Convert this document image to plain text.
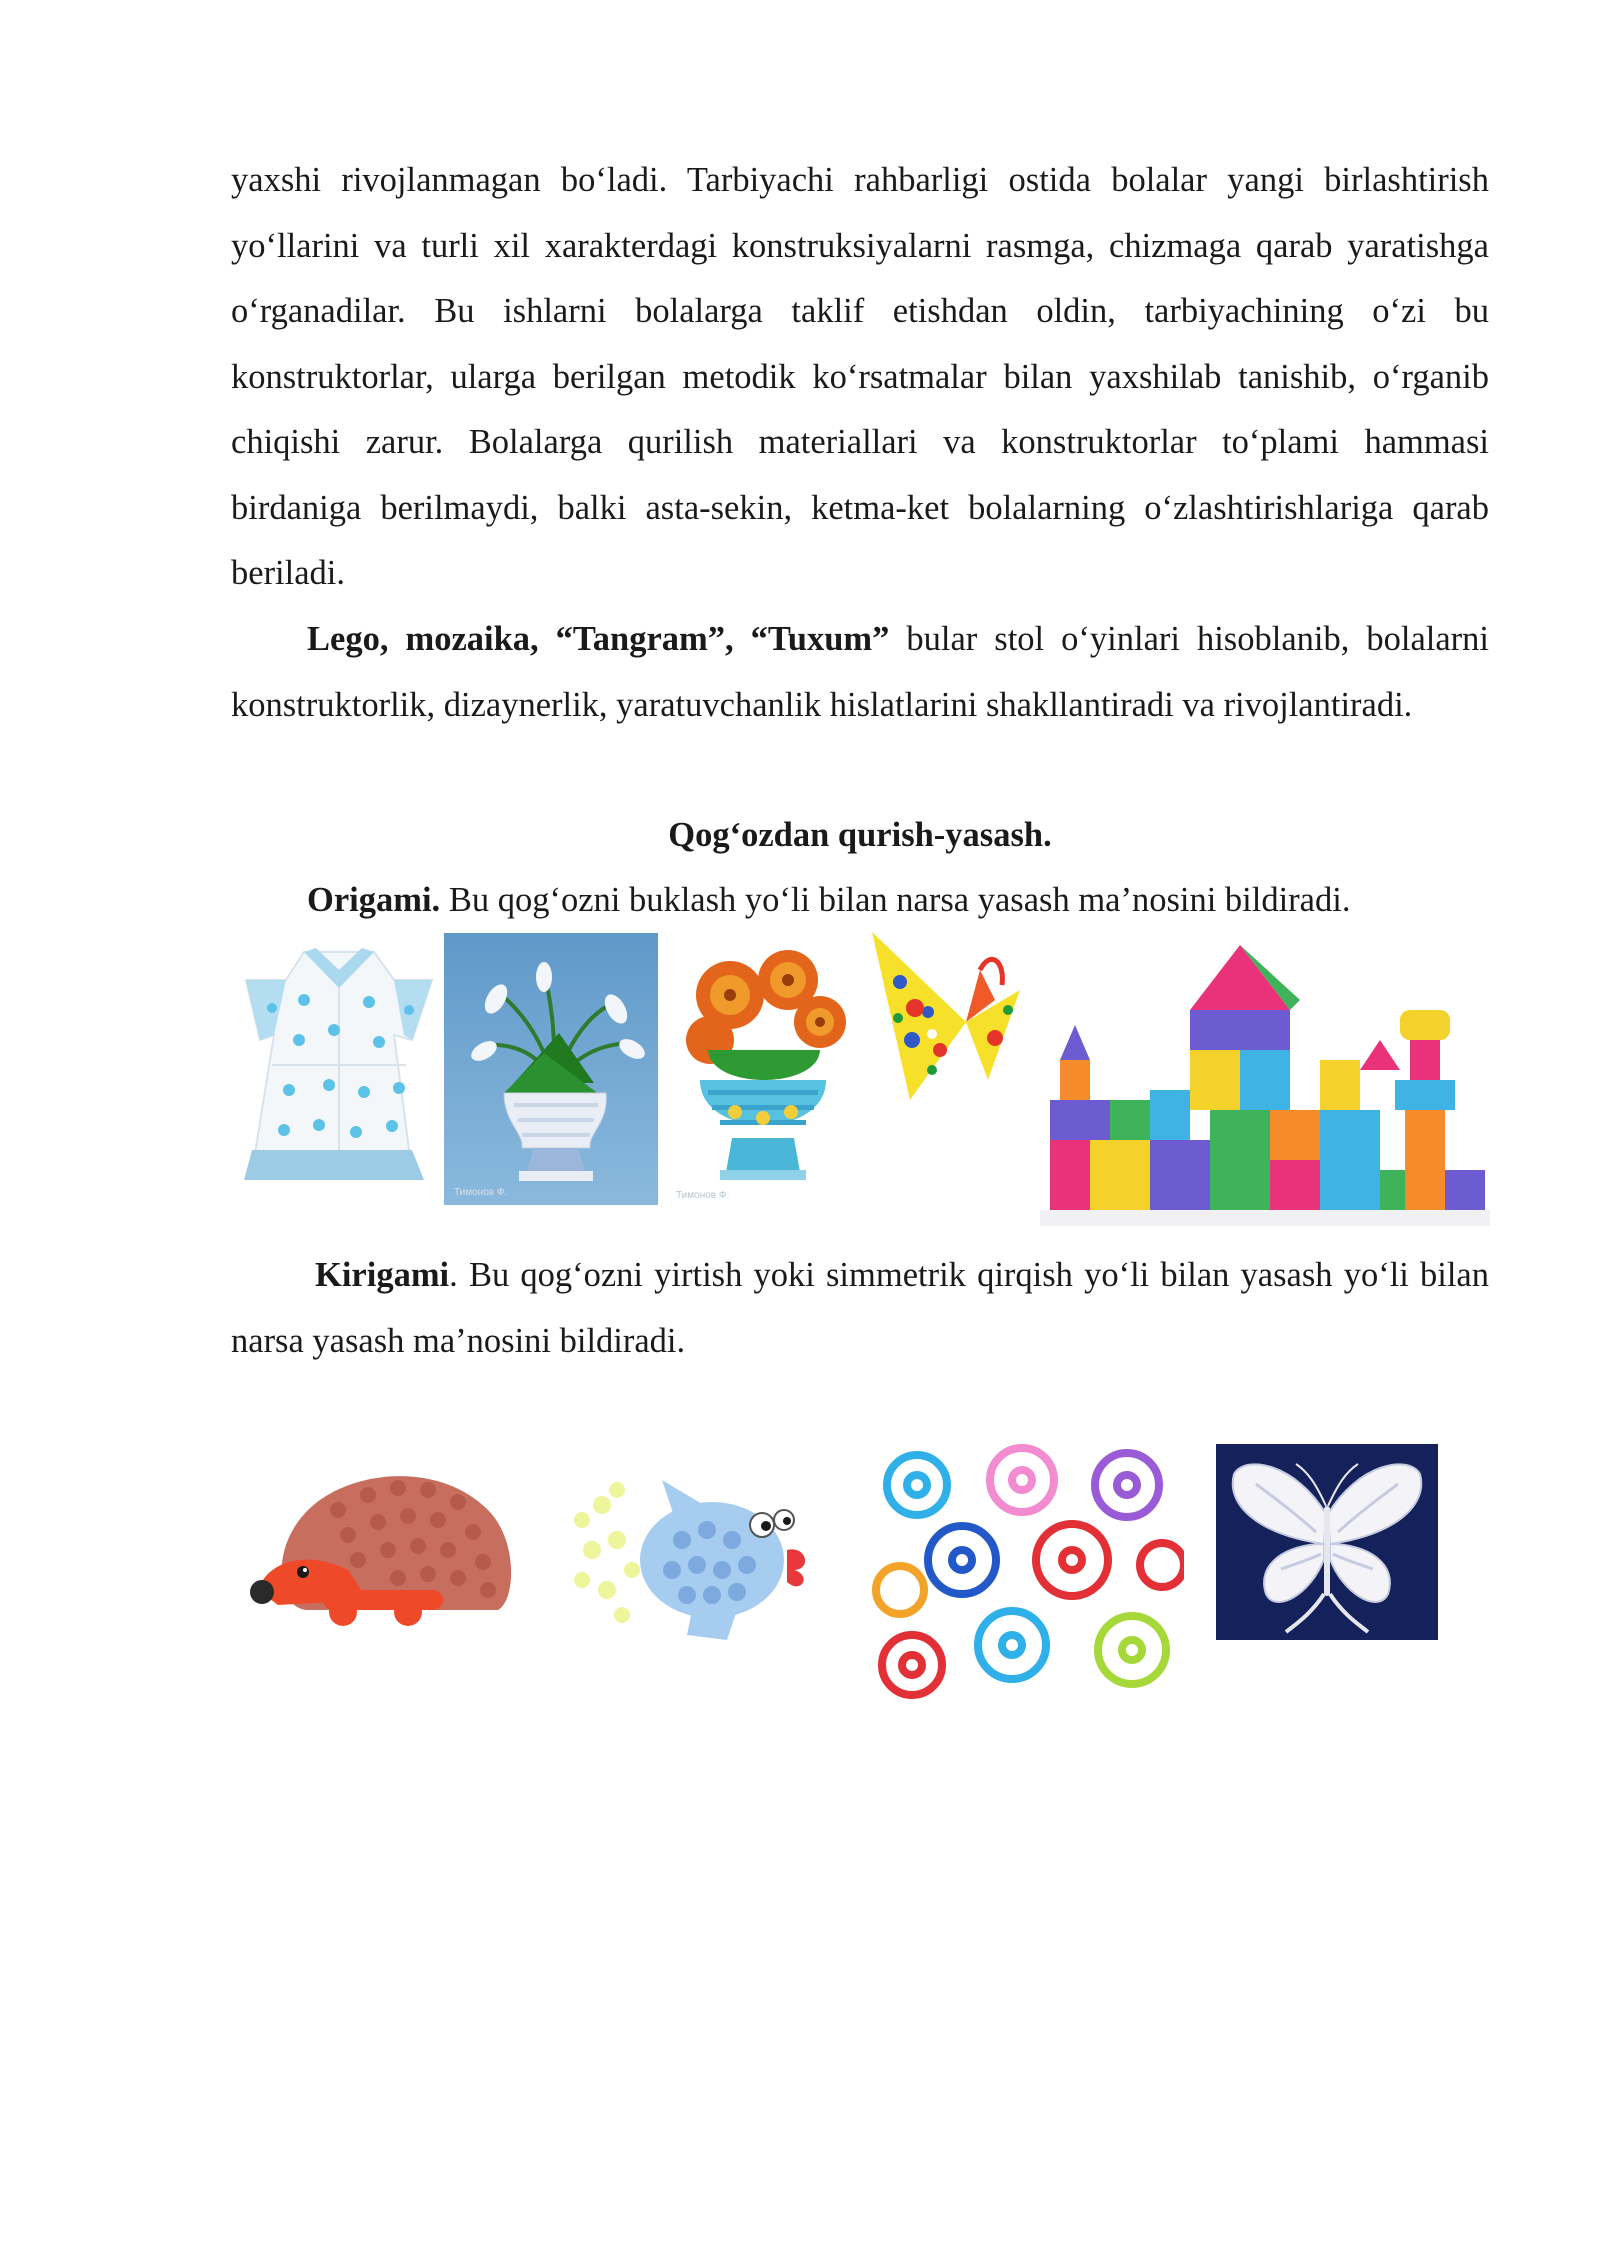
yaxshi rivojlanmagan bo‘ladi. Tarbiyachi rahbarligi ostida bolalar yangi birlashtirish yo‘llarini va turli xil xarakterdagi konstruksiyalarni rasmga, chizmaga qarab yaratishga o‘rganadilar. Bu ishlarni bolalarga taklif etishdan oldin, tarbiyachining o‘zi bu konstruktorlar, ularga berilgan metodik ko‘rsatmalar bilan yaxshilab tanishib, o‘rganib chiqishi zarur. Bolalarga qurilish materiallari va konstruktorlar to‘plami hammasi birdaniga berilmaydi, balki asta-sekin, ketma-ket bolalarning o‘zlashtirishlariga qarab beriladi.

Lego, mozaika, “Tangram”, “Tuxum” bular stol o‘yinlari hisoblanib, bolalarni konstruktorlik, dizaynerlik, yaratuvchanlik hislatlarini shakllantiradi va rivojlantiradi.

Qog‘ozdan qurish-yasash.

Origami. Bu qog‘ozni buklash yo‘li bilan narsa yasash ma’nosini bildiradi.

Тимонов Ф.	Тимонов Ф.

Kirigami. Bu qog‘ozni yirtish yoki simmetrik qirqish yo‘li bilan yasash yo‘li bilan narsa yasash ma’nosini bildiradi.
